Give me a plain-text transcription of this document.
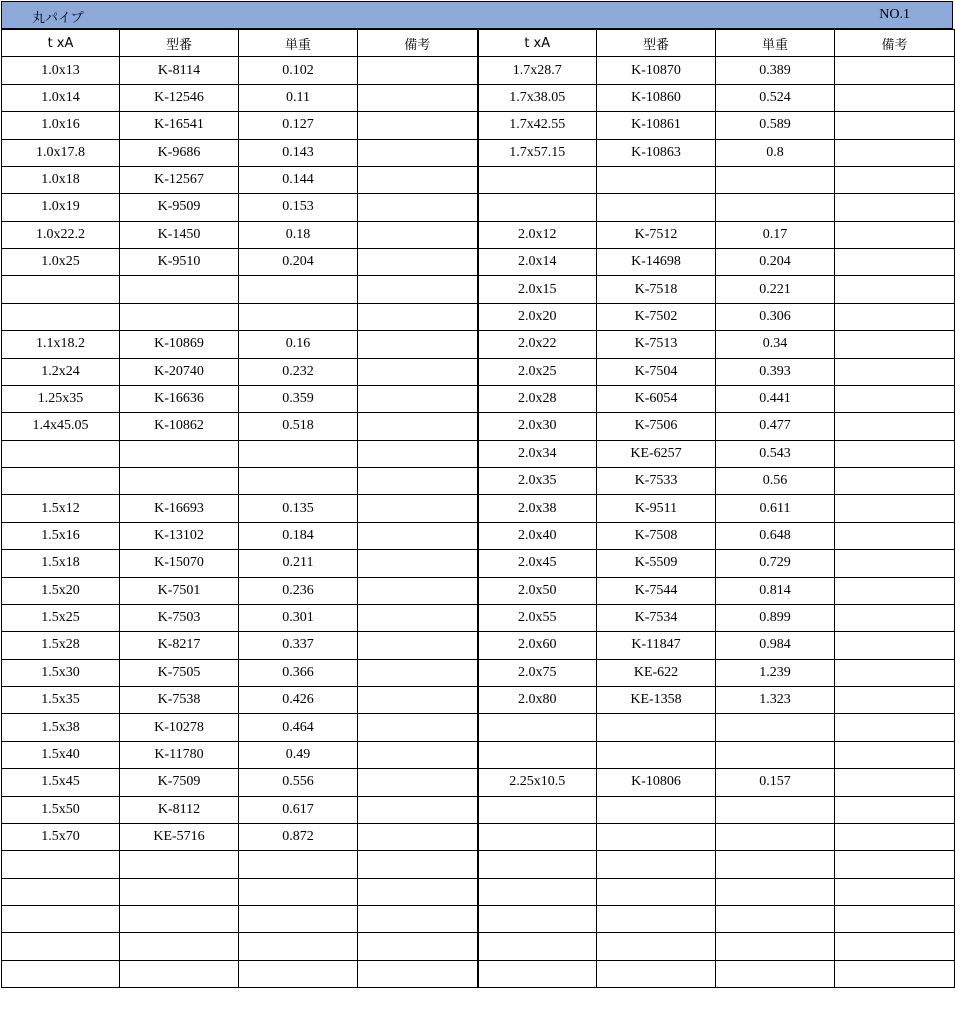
丸パイプ	NO.1
t xA	型番	単重	備考	t xA	型番	単重	備考
1.0x13	K-8114	0.102		1.7x28.7	K-10870	0.389	
1.0x14	K-12546	0.11		1.7x38.05	K-10860	0.524	
1.0x16	K-16541	0.127		1.7x42.55	K-10861	0.589	
1.0x17.8	K-9686	0.143		1.7x57.15	K-10863	0.8	
1.0x18	K-12567	0.144					
1.0x19	K-9509	0.153					
1.0x22.2	K-1450	0.18		2.0x12	K-7512	0.17	
1.0x25	K-9510	0.204		2.0x14	K-14698	0.204	
				2.0x15	K-7518	0.221	
				2.0x20	K-7502	0.306	
1.1x18.2	K-10869	0.16		2.0x22	K-7513	0.34	
1.2x24	K-20740	0.232		2.0x25	K-7504	0.393	
1.25x35	K-16636	0.359		2.0x28	K-6054	0.441	
1.4x45.05	K-10862	0.518		2.0x30	K-7506	0.477	
				2.0x34	KE-6257	0.543	
				2.0x35	K-7533	0.56	
1.5x12	K-16693	0.135		2.0x38	K-9511	0.611	
1.5x16	K-13102	0.184		2.0x40	K-7508	0.648	
1.5x18	K-15070	0.211		2.0x45	K-5509	0.729	
1.5x20	K-7501	0.236		2.0x50	K-7544	0.814	
1.5x25	K-7503	0.301		2.0x55	K-7534	0.899	
1.5x28	K-8217	0.337		2.0x60	K-11847	0.984	
1.5x30	K-7505	0.366		2.0x75	KE-622	1.239	
1.5x35	K-7538	0.426		2.0x80	KE-1358	1.323	
1.5x38	K-10278	0.464					
1.5x40	K-11780	0.49					
1.5x45	K-7509	0.556		2.25x10.5	K-10806	0.157	
1.5x50	K-8112	0.617					
1.5x70	KE-5716	0.872					
